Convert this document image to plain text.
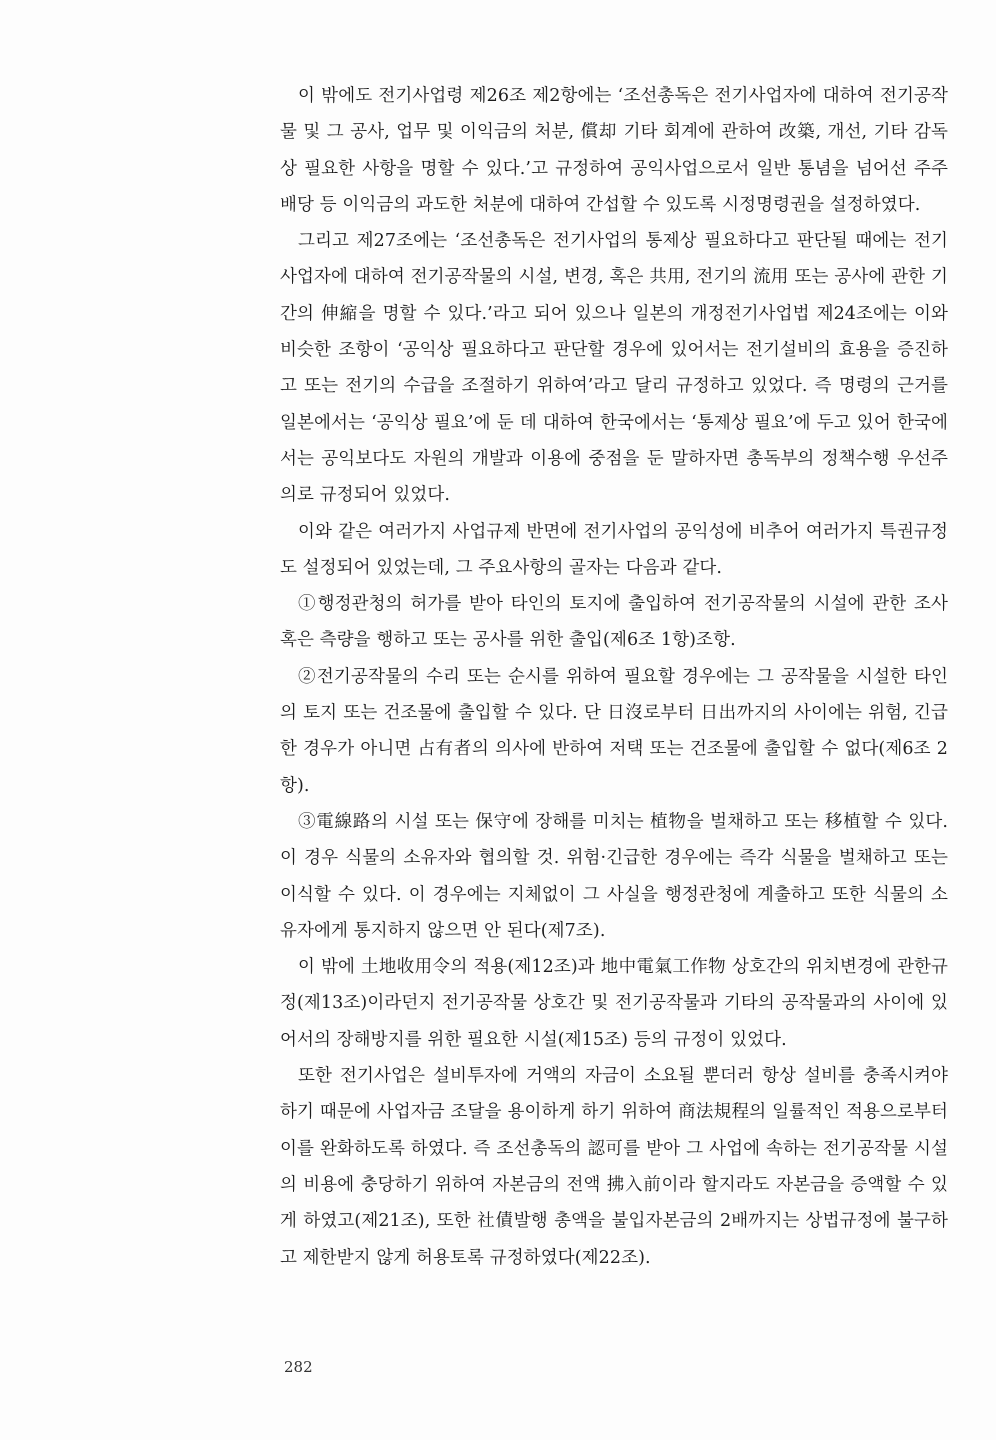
이 밖에도 전기사업령 제26조 제2항에는 ‘조선총독은 전기사업자에 대하여 전기공작물 및 그 공사, 업무 및 이익금의 처분, 償却 기타 회계에 관하여 改築, 개선, 기타 감독상 필요한 사항을 명할 수 있다.’고 규정하여 공익사업으로서 일반 통념을 넘어선 주주배당 등 이익금의 과도한 처분에 대하여 간섭할 수 있도록 시정명령권을 설정하였다.

그리고 제27조에는 ‘조선총독은 전기사업의 통제상 필요하다고 판단될 때에는 전기사업자에 대하여 전기공작물의 시설, 변경, 혹은 共用, 전기의 流用 또는 공사에 관한 기간의 伸縮을 명할 수 있다.’라고 되어 있으나 일본의 개정전기사업법 제24조에는 이와 비슷한 조항이 ‘공익상 필요하다고 판단할 경우에 있어서는 전기설비의 효용을 증진하고 또는 전기의 수급을 조절하기 위하여’라고 달리 규정하고 있었다. 즉 명령의 근거를 일본에서는 ‘공익상 필요’에 둔 데 대하여 한국에서는 ‘통제상 필요’에 두고 있어 한국에서는 공익보다도 자원의 개발과 이용에 중점을 둔 말하자면 총독부의 정책수행 우선주의로 규정되어 있었다.

이와 같은 여러가지 사업규제 반면에 전기사업의 공익성에 비추어 여러가지 특권규정도 설정되어 있었는데, 그 주요사항의 골자는 다음과 같다.

①행정관청의 허가를 받아 타인의 토지에 출입하여 전기공작물의 시설에 관한 조사 혹은 측량을 행하고 또는 공사를 위한 출입(제6조 1항)조항.

②전기공작물의 수리 또는 순시를 위하여 필요할 경우에는 그 공작물을 시설한 타인의 토지 또는 건조물에 출입할 수 있다. 단 日沒로부터 日出까지의 사이에는 위험, 긴급한 경우가 아니면 占有者의 의사에 반하여 저택 또는 건조물에 출입할 수 없다(제6조 2항).

③電線路의 시설 또는 保守에 장해를 미치는 植物을 벌채하고 또는 移植할 수 있다. 이 경우 식물의 소유자와 협의할 것. 위험·긴급한 경우에는 즉각 식물을 벌채하고 또는 이식할 수 있다. 이 경우에는 지체없이 그 사실을 행정관청에 계출하고 또한 식물의 소유자에게 통지하지 않으면 안 된다(제7조).

이 밖에 土地收用令의 적용(제12조)과 地中電氣工作物 상호간의 위치변경에 관한규정(제13조)이라던지 전기공작물 상호간 및 전기공작물과 기타의 공작물과의 사이에 있어서의 장해방지를 위한 필요한 시설(제15조) 등의 규정이 있었다.

또한 전기사업은 설비투자에 거액의 자금이 소요될 뿐더러 항상 설비를 충족시켜야 하기 때문에 사업자금 조달을 용이하게 하기 위하여 商法規程의 일률적인 적용으로부터 이를 완화하도록 하였다. 즉 조선총독의 認可를 받아 그 사업에 속하는 전기공작물 시설의 비용에 충당하기 위하여 자본금의 전액 拂入前이라 할지라도 자본금을 증액할 수 있게 하였고(제21조), 또한 社債발행 총액을 불입자본금의 2배까지는 상법규정에 불구하고 제한받지 않게 허용토록 규정하였다(제22조).

282
